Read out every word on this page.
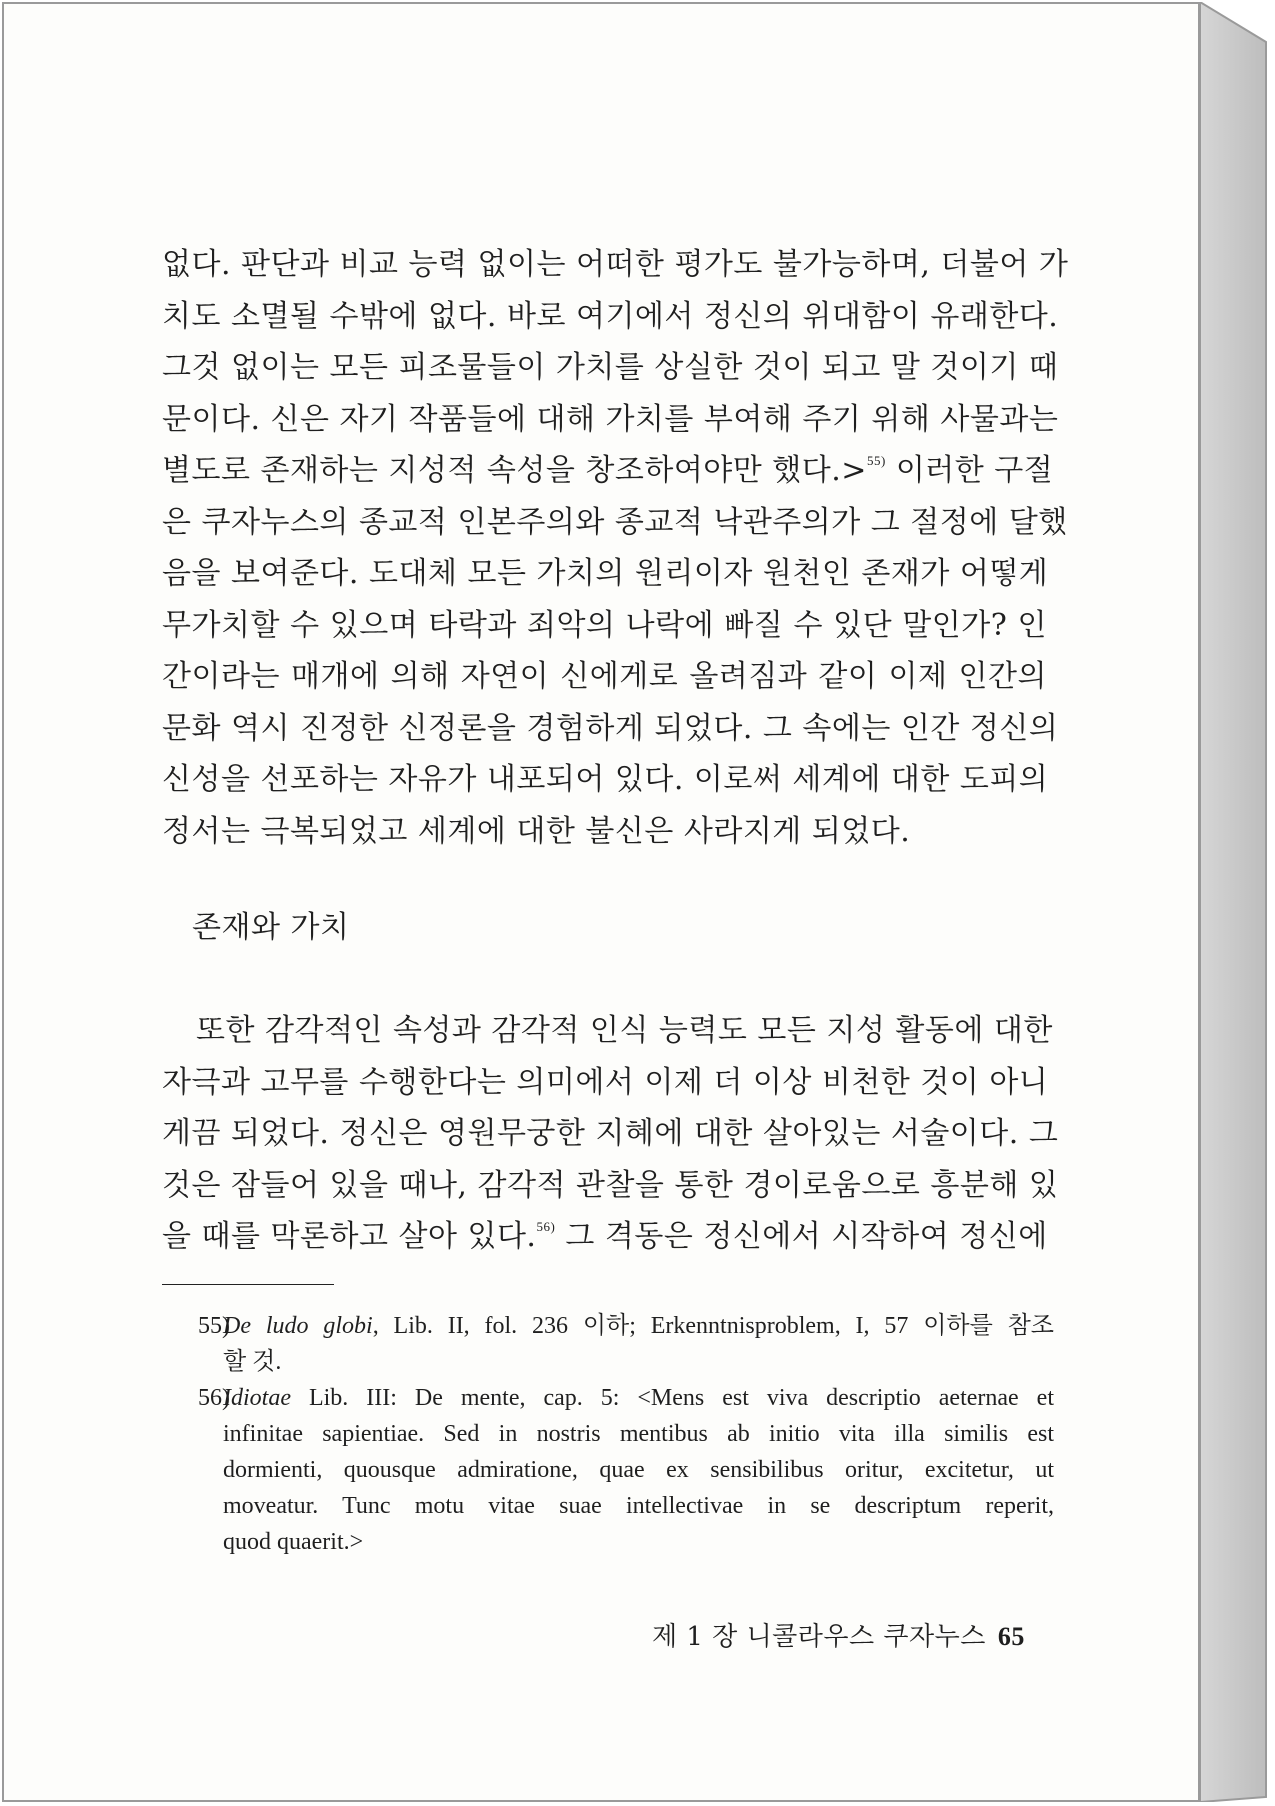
없다. 판단과 비교 능력 없이는 어떠한 평가도 불가능하며, 더불어 가
치도 소멸될 수밖에 없다. 바로 여기에서 정신의 위대함이 유래한다.
그것 없이는 모든 피조물들이 가치를 상실한 것이 되고 말 것이기 때
문이다. 신은 자기 작품들에 대해 가치를 부여해 주기 위해 사물과는
별도로 존재하는 지성적 속성을 창조하여야만 했다.>$^{55)}$ 이러한 구절
은 쿠자누스의 종교적 인본주의와 종교적 낙관주의가 그 절정에 달했
음을 보여준다. 도대체 모든 가치의 원리이자 원천인 존재가 어떻게
무가치할 수 있으며 타락과 죄악의 나락에 빠질 수 있단 말인가? 인
간이라는 매개에 의해 자연이 신에게로 올려짐과 같이 이제 인간의
문화 역시 진정한 신정론을 경험하게 되었다. 그 속에는 인간 정신의
신성을 선포하는 자유가 내포되어 있다. 이로써 세계에 대한 도피의
정서는 극복되었고 세계에 대한 불신은 사라지게 되었다.
존재와 가치
또한 감각적인 속성과 감각적 인식 능력도 모든 지성 활동에 대한
자극과 고무를 수행한다는 의미에서 이제 더 이상 비천한 것이 아니
게끔 되었다. 정신은 영원무궁한 지혜에 대한 살아있는 서술이다. 그
것은 잠들어 있을 때나, 감각적 관찰을 통한 경이로움으로 흥분해 있
을 때를 막론하고 살아 있다.$^{56)}$ 그 격동은 정신에서 시작하여 정신에
55)
De ludo globi, Lib. II, fol. 236 이하; Erkenntnisproblem, I, 57 이하를 참조
할 것.
56)
Idiotae Lib. III: De mente, cap. 5: <Mens est viva descriptio aeternae et
infinitae sapientiae. Sed in nostris mentibus ab initio vita illa similis est
dormienti, quousque admiratione, quae ex sensibilibus oritur, excitetur, ut
moveatur. Tunc motu vitae suae intellectivae in se descriptum reperit,
quod quaerit.>
제 1 장 니콜라우스 쿠자누스 65
